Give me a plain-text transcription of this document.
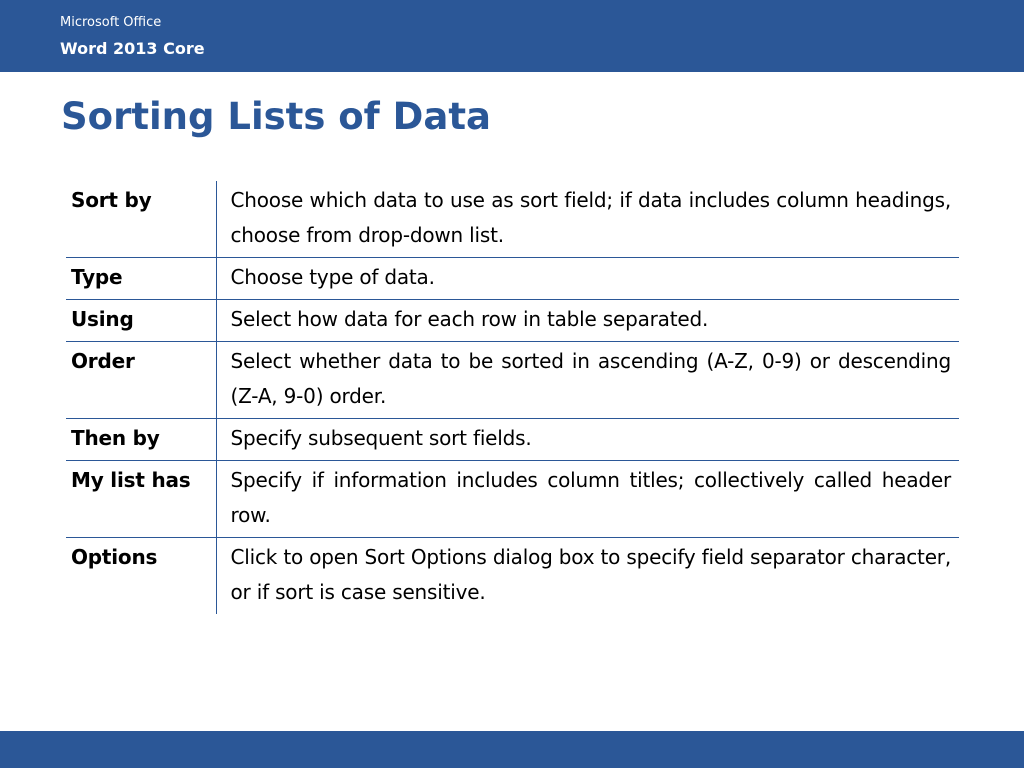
Microsoft Office
Word 2013 Core
Sorting Lists of Data
Sort by	Choose which data to use as sort field; if data includes column headings, choose from drop-down list.
Type	Choose type of data.
Using	Select how data for each row in table separated.
Order	Select whether data to be sorted in ascending (A-Z, 0-9) or descending (Z-A, 9-0) order.
Then by	Specify subsequent sort fields.
My list has	Specify if information includes column titles; collectively called header row.
Options	Click to open Sort Options dialog box to specify field separator character, or if sort is case sensitive.
